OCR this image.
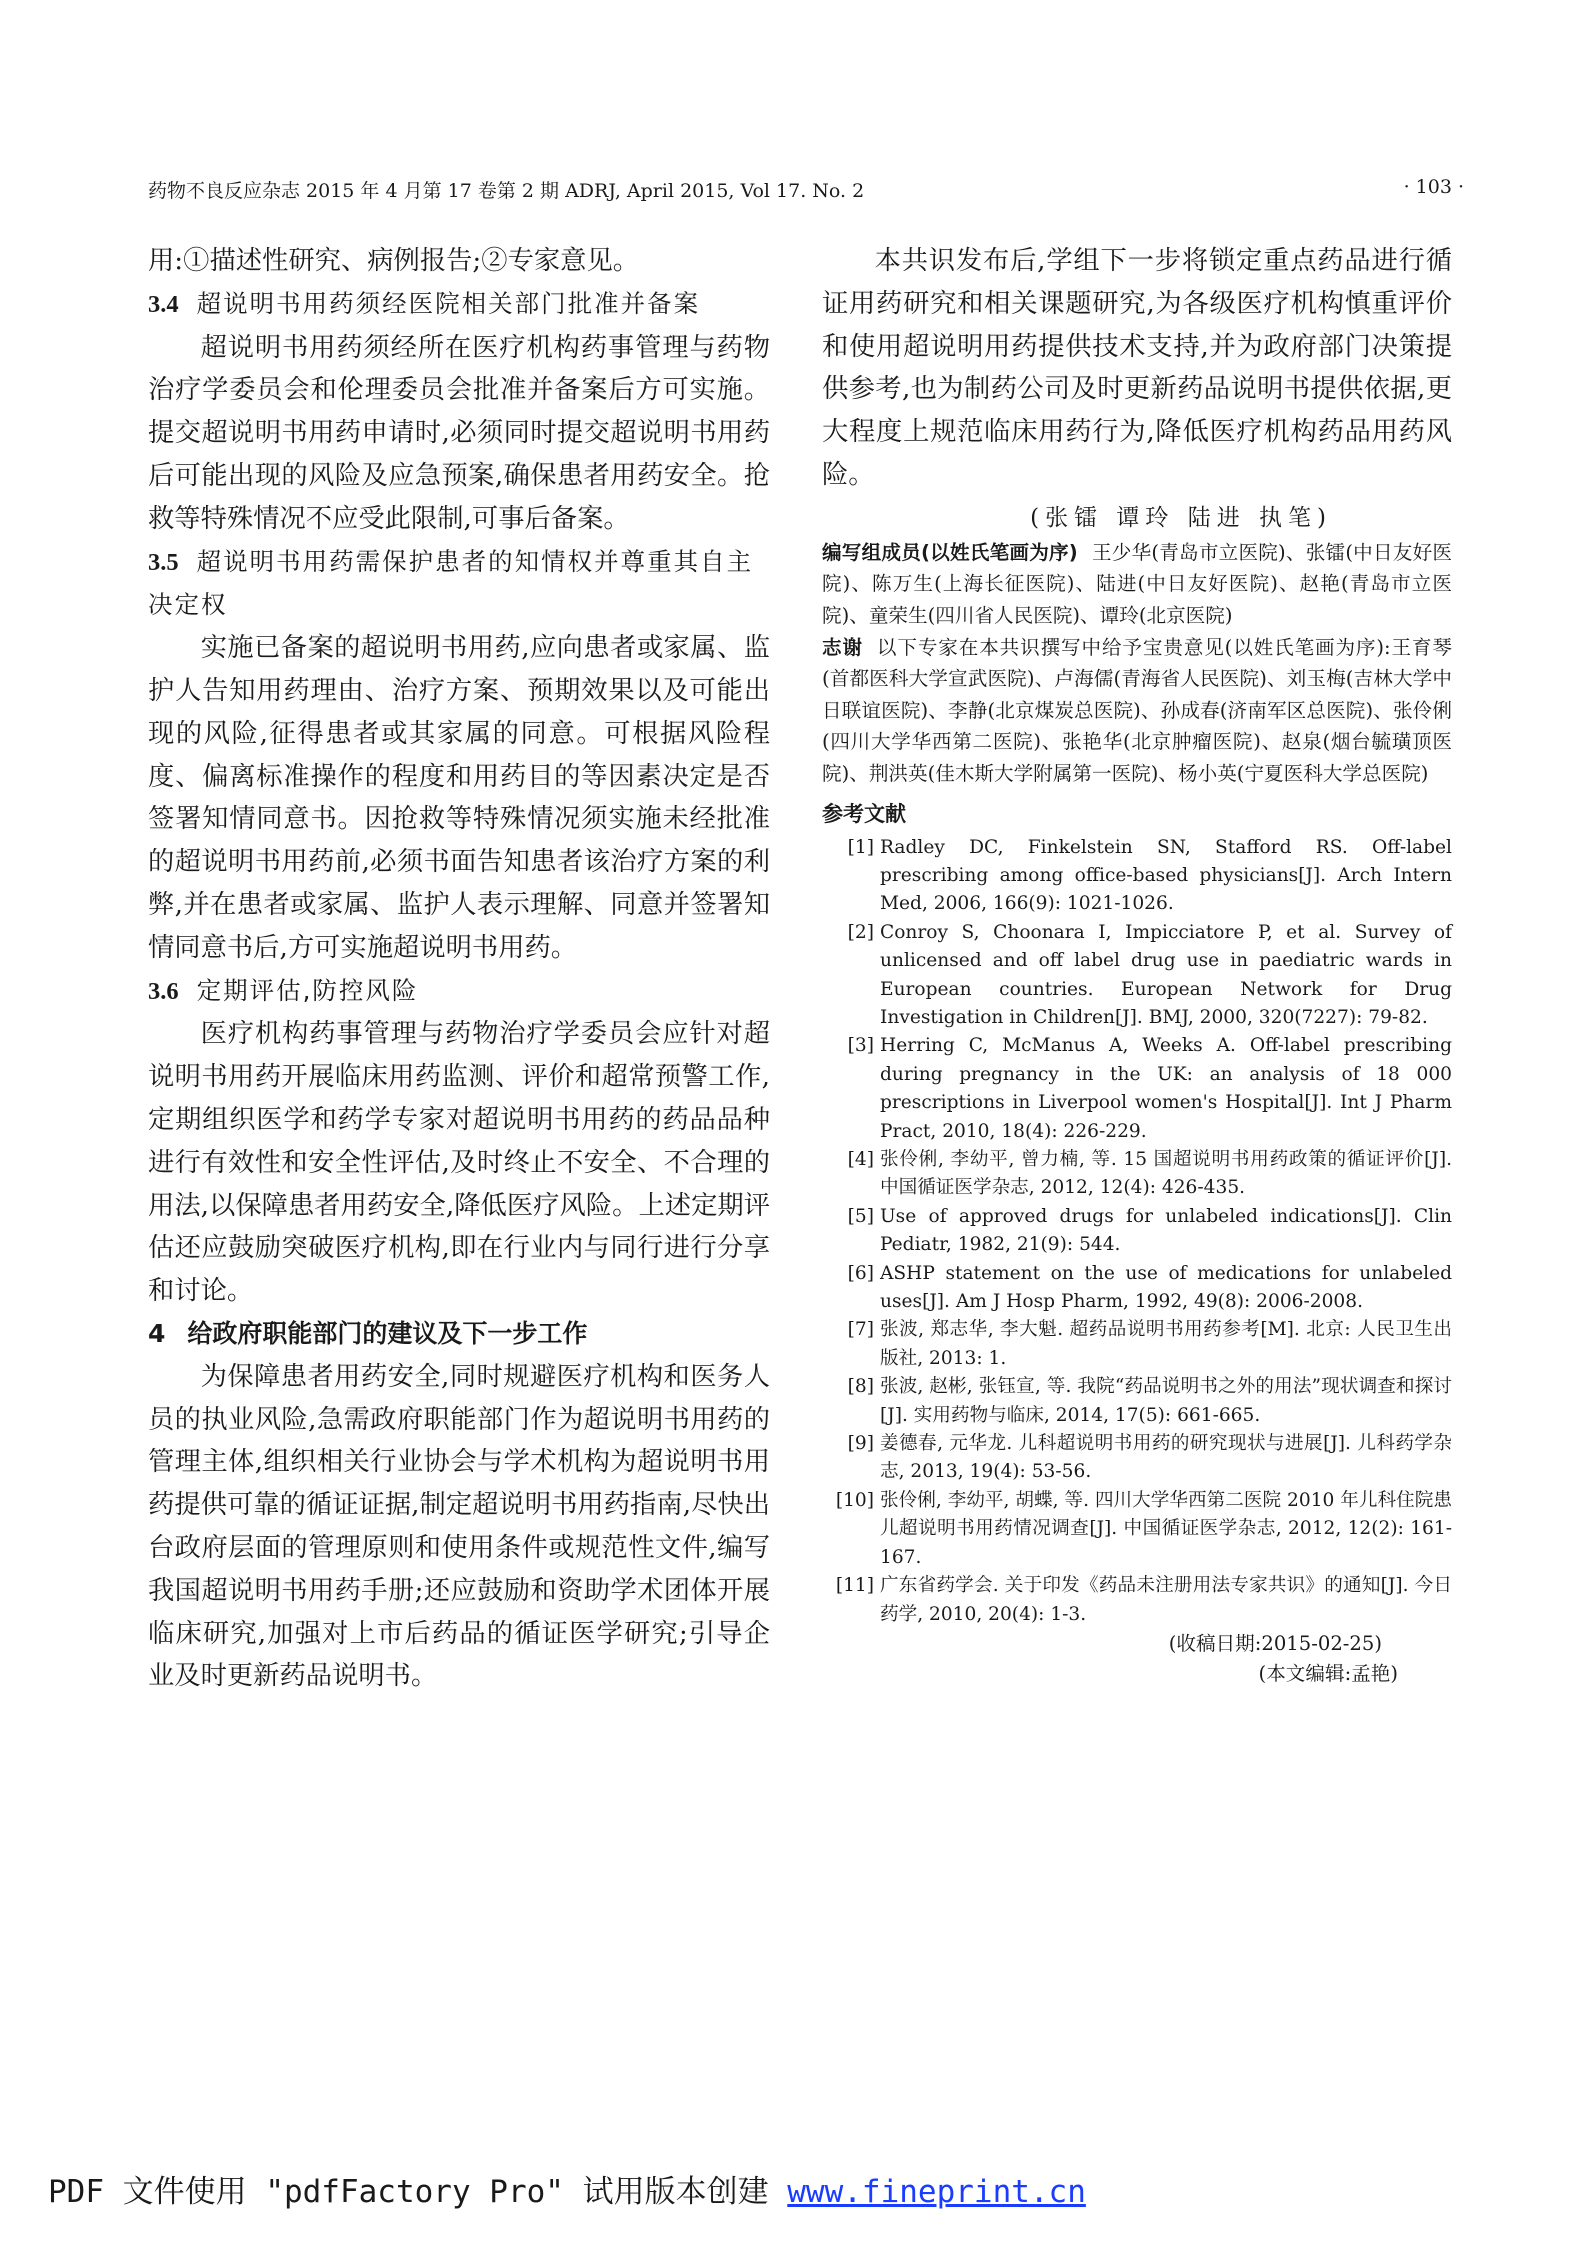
药物不良反应杂志 2015 年 4 月第 17 卷第 2 期 ADRJ, April 2015, Vol 17. No. 2	· 103 ·

用:①描述性研究、病例报告;②专家意见。

3.4 超说明书用药须经医院相关部门批准并备案

超说明书用药须经所在医疗机构药事管理与药物治疗学委员会和伦理委员会批准并备案后方可实施。提交超说明书用药申请时,必须同时提交超说明书用药后可能出现的风险及应急预案,确保患者用药安全。抢救等特殊情况不应受此限制,可事后备案。

3.5 超说明书用药需保护患者的知情权并尊重其自主决定权

实施已备案的超说明书用药,应向患者或家属、监护人告知用药理由、治疗方案、预期效果以及可能出现的风险,征得患者或其家属的同意。可根据风险程度、偏离标准操作的程度和用药目的等因素决定是否签署知情同意书。因抢救等特殊情况须实施未经批准的超说明书用药前,必须书面告知患者该治疗方案的利弊,并在患者或家属、监护人表示理解、同意并签署知情同意书后,方可实施超说明书用药。

3.6 定期评估,防控风险

医疗机构药事管理与药物治疗学委员会应针对超说明书用药开展临床用药监测、评价和超常预警工作,定期组织医学和药学专家对超说明书用药的药品品种进行有效性和安全性评估,及时终止不安全、不合理的用法,以保障患者用药安全,降低医疗风险。上述定期评估还应鼓励突破医疗机构,即在行业内与同行进行分享和讨论。

4 给政府职能部门的建议及下一步工作

为保障患者用药安全,同时规避医疗机构和医务人员的执业风险,急需政府职能部门作为超说明书用药的管理主体,组织相关行业协会与学术机构为超说明书用药提供可靠的循证证据,制定超说明书用药指南,尽快出台政府层面的管理原则和使用条件或规范性文件,编写我国超说明书用药手册;还应鼓励和资助学术团体开展临床研究,加强对上市后药品的循证医学研究;引导企业及时更新药品说明书。

本共识发布后,学组下一步将锁定重点药品进行循证用药研究和相关课题研究,为各级医疗机构慎重评价和使用超说明用药提供技术支持,并为政府部门决策提供参考,也为制药公司及时更新药品说明书提供依据,更大程度上规范临床用药行为,降低医疗机构药品用药风险。

(张镭 谭玲 陆进 执笔)

编写组成员(以姓氏笔画为序) 王少华(青岛市立医院)、张镭(中日友好医院)、陈万生(上海长征医院)、陆进(中日友好医院)、赵艳(青岛市立医院)、童荣生(四川省人民医院)、谭玲(北京医院)

志谢 以下专家在本共识撰写中给予宝贵意见(以姓氏笔画为序):王育琴(首都医科大学宣武医院)、卢海儒(青海省人民医院)、刘玉梅(吉林大学中日联谊医院)、李静(北京煤炭总医院)、孙成春(济南军区总医院)、张伶俐(四川大学华西第二医院)、张艳华(北京肿瘤医院)、赵泉(烟台毓璜顶医院)、荆洪英(佳木斯大学附属第一医院)、杨小英(宁夏医科大学总医院)

参考文献

[1] Radley DC, Finkelstein SN, Stafford RS. Off-label prescribing among office-based physicians[J]. Arch Intern Med, 2006, 166(9): 1021-1026.
[2] Conroy S, Choonara I, Impicciatore P, et al. Survey of unlicensed and off label drug use in paediatric wards in European countries. European Network for Drug Investigation in Children[J]. BMJ, 2000, 320(7227): 79-82.
[3] Herring C, McManus A, Weeks A. Off-label prescribing during pregnancy in the UK: an analysis of 18 000 prescriptions in Liverpool women's Hospital[J]. Int J Pharm Pract, 2010, 18(4): 226-229.
[4] 张伶俐, 李幼平, 曾力楠, 等. 15 国超说明书用药政策的循证评价[J]. 中国循证医学杂志, 2012, 12(4): 426-435.
[5] Use of approved drugs for unlabeled indications[J]. Clin Pediatr, 1982, 21(9): 544.
[6] ASHP statement on the use of medications for unlabeled uses[J]. Am J Hosp Pharm, 1992, 49(8): 2006-2008.
[7] 张波, 郑志华, 李大魁. 超药品说明书用药参考[M]. 北京: 人民卫生出版社, 2013: 1.
[8] 张波, 赵彬, 张钰宣, 等. 我院“药品说明书之外的用法”现状调查和探讨[J]. 实用药物与临床, 2014, 17(5): 661-665.
[9] 姜德春, 元华龙. 儿科超说明书用药的研究现状与进展[J]. 儿科药学杂志, 2013, 19(4): 53-56.
[10] 张伶俐, 李幼平, 胡蝶, 等. 四川大学华西第二医院 2010 年儿科住院患儿超说明书用药情况调查[J]. 中国循证医学杂志, 2012, 12(2): 161-167.
[11] 广东省药学会. 关于印发《药品未注册用法专家共识》的通知[J]. 今日药学, 2010, 20(4): 1-3.

(收稿日期:2015-02-25)

(本文编辑:孟艳)

PDF 文件使用 "pdfFactory Pro" 试用版本创建 www.fineprint.cn
